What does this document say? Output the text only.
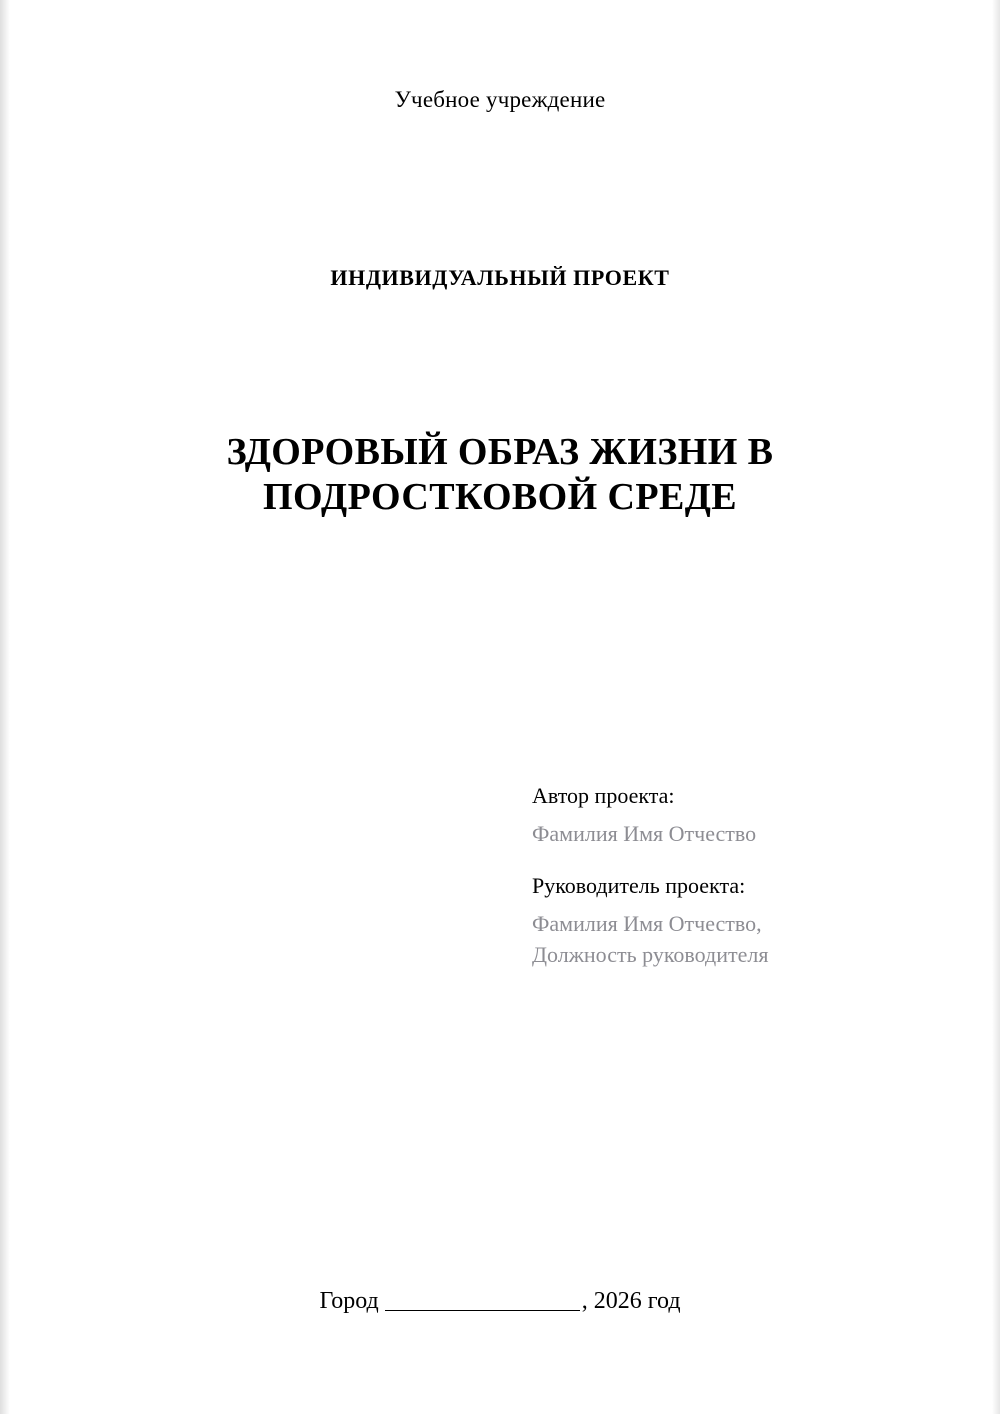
Учебное учреждение
ИНДИВИДУАЛЬНЫЙ ПРОЕКТ
ЗДОРОВЫЙ ОБРАЗ ЖИЗНИ В ПОДРОСТКОВОЙ СРЕДЕ
Автор проекта:
Фамилия Имя Отчество
Руководитель проекта:
Фамилия Имя Отчество,
Должность руководителя
Город	, 2026 год
